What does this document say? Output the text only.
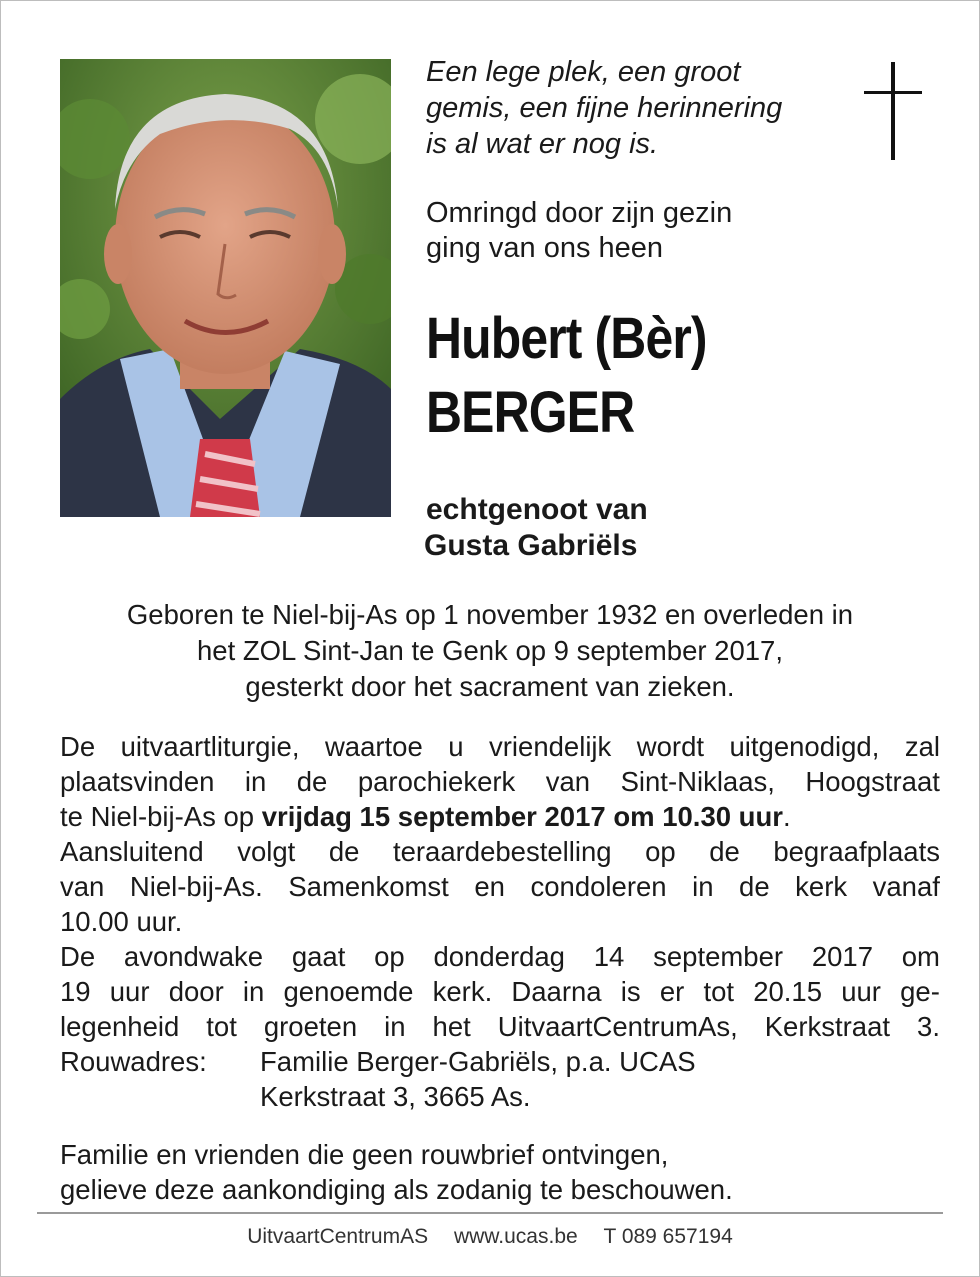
Een lege plek, een groot
gemis, een fijne herinnering
is al wat er nog is.
Omringd door zijn gezin
ging van ons heen
Hubert (Bèr)
BERGER
echtgenoot van
Gusta Gabriëls
Geboren te Niel-bij-As op 1 november 1932 en overleden in
het ZOL Sint-Jan te Genk op 9 september 2017,
gesterkt door het sacrament van zieken.
De uitvaartliturgie, waartoe u vriendelijk wordt uitgenodigd, zal
plaatsvinden in de parochiekerk van Sint-Niklaas, Hoogstraat
te Niel-bij-As op vrijdag 15 september 2017 om 10.30 uur.
Aansluitend volgt de teraardebestelling op de begraafplaats
van Niel-bij-As. Samenkomst en condoleren in de kerk vanaf
10.00 uur.
De avondwake gaat op donderdag 14 september 2017 om
19 uur door in genoemde kerk. Daarna is er tot 20.15 uur ge-
legenheid tot groeten in het UitvaartCentrumAs, Kerkstraat 3.
Rouwadres:	Familie Berger-Gabriëls, p.a. UCAS
Kerkstraat 3, 3665 As.
Familie en vrienden die geen rouwbrief ontvingen,
gelieve deze aankondiging als zodanig te beschouwen.
UitvaartCentrumAS www.ucas.be T 089 657194
